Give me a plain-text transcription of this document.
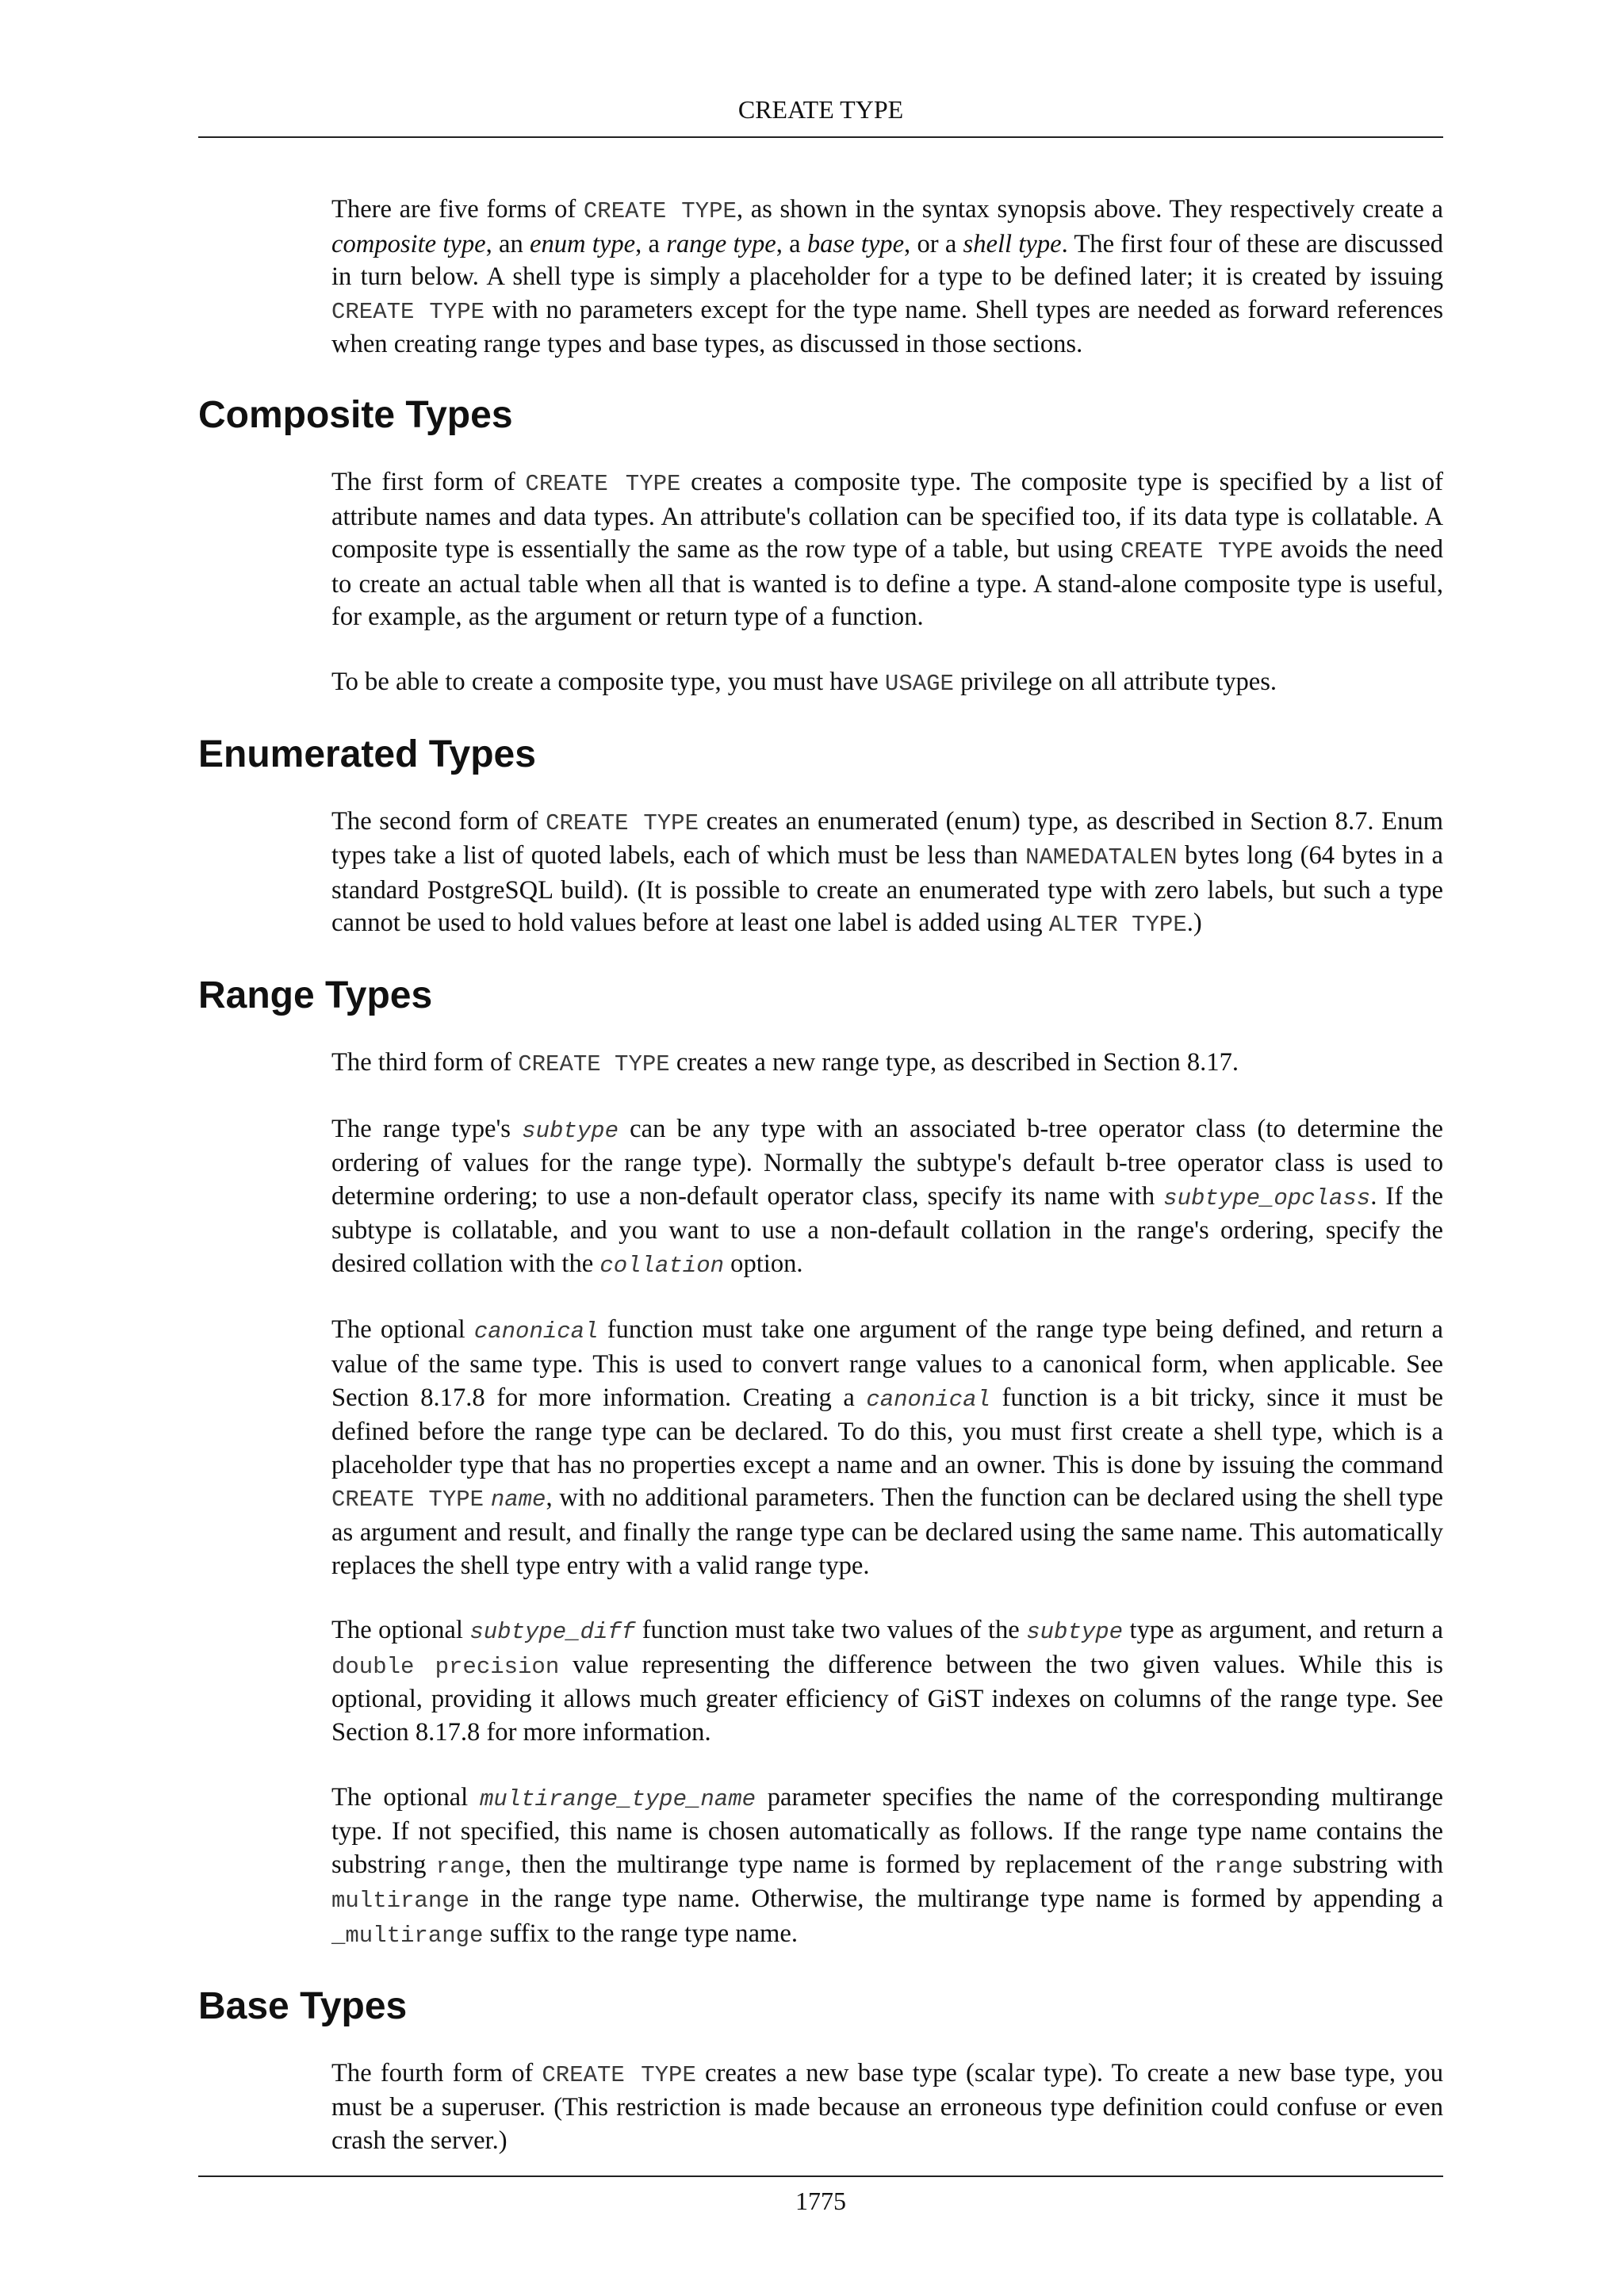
CREATE TYPE

There are five forms of CREATE TYPE, as shown in the syntax synopsis above. They respectively create a composite type, an enum type, a range type, a base type, or a shell type. The first four of these are discussed in turn below. A shell type is simply a placeholder for a type to be defined later; it is created by issuing CREATE TYPE with no parameters except for the type name. Shell types are needed as forward references when creating range types and base types, as discussed in those sections.

Composite Types

The first form of CREATE TYPE creates a composite type. The composite type is specified by a list of attribute names and data types. An attribute's collation can be specified too, if its data type is collatable. A composite type is essentially the same as the row type of a table, but using CREATE TYPE avoids the need to create an actual table when all that is wanted is to define a type. A stand-alone composite type is useful, for example, as the argument or return type of a function.

To be able to create a composite type, you must have USAGE privilege on all attribute types.

Enumerated Types

The second form of CREATE TYPE creates an enumerated (enum) type, as described in Section 8.7. Enum types take a list of quoted labels, each of which must be less than NAMEDATALEN bytes long (64 bytes in a standard PostgreSQL build). (It is possible to create an enumerated type with zero labels, but such a type cannot be used to hold values before at least one label is added using ALTER TYPE.)

Range Types

The third form of CREATE TYPE creates a new range type, as described in Section 8.17.

The range type's subtype can be any type with an associated b-tree operator class (to determine the ordering of values for the range type). Normally the subtype's default b-tree operator class is used to determine ordering; to use a non-default operator class, specify its name with subtype_opclass. If the subtype is collatable, and you want to use a non-default collation in the range's ordering, specify the desired collation with the collation option.

The optional canonical function must take one argument of the range type being defined, and return a value of the same type. This is used to convert range values to a canonical form, when applicable. See Section 8.17.8 for more information. Creating a canonical function is a bit tricky, since it must be defined before the range type can be declared. To do this, you must first create a shell type, which is a placeholder type that has no properties except a name and an owner. This is done by issuing the command CREATE TYPE name, with no additional parameters. Then the function can be declared using the shell type as argument and result, and finally the range type can be declared using the same name. This automatically replaces the shell type entry with a valid range type.

The optional subtype_diff function must take two values of the subtype type as argument, and return a double precision value representing the difference between the two given values. While this is optional, providing it allows much greater efficiency of GiST indexes on columns of the range type. See Section 8.17.8 for more information.

The optional multirange_type_name parameter specifies the name of the corresponding multirange type. If not specified, this name is chosen automatically as follows. If the range type name contains the substring range, then the multirange type name is formed by replacement of the range substring with multirange in the range type name. Otherwise, the multirange type name is formed by appending a _multirange suffix to the range type name.

Base Types

The fourth form of CREATE TYPE creates a new base type (scalar type). To create a new base type, you must be a superuser. (This restriction is made because an erroneous type definition could confuse or even crash the server.)

1775
